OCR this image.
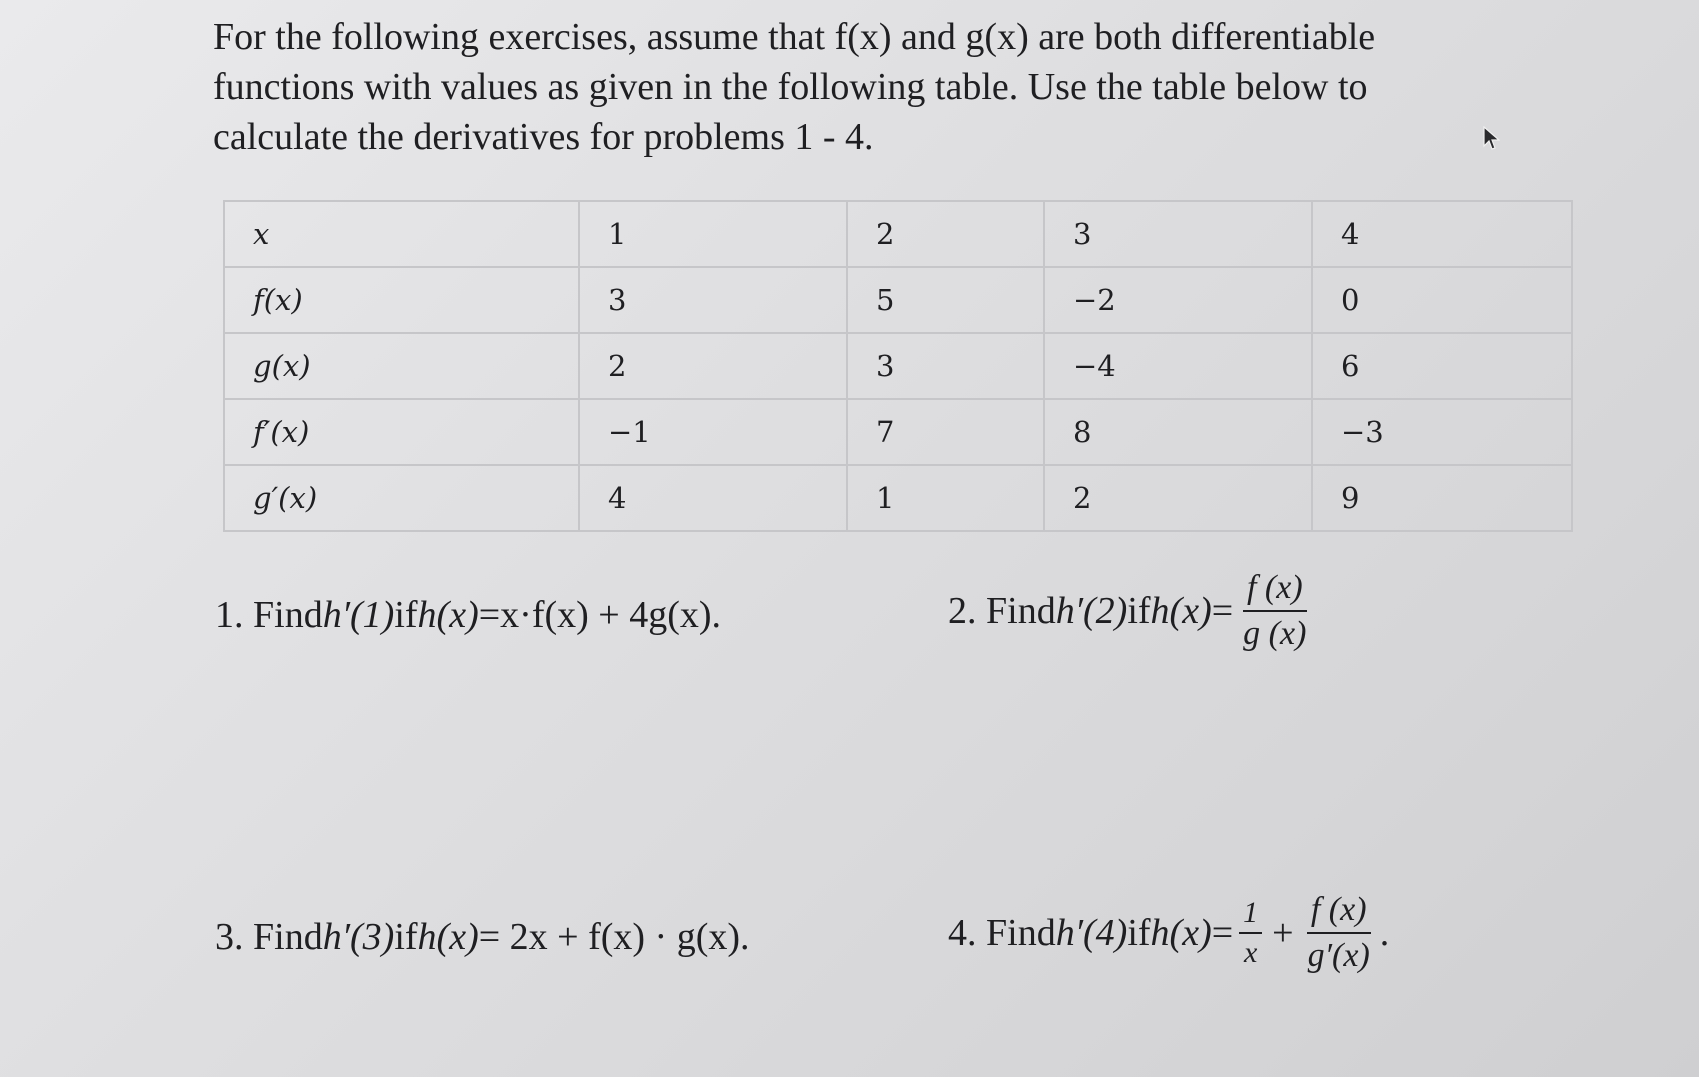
For the following exercises, assume that f(x) and g(x) are both differentiable functions with values as given in the following table. Use the table below to calculate the derivatives for problems 1 - 4.

x	1	2	3	4
f(x)	3	5	−2	0
g(x)	2	3	−4	6
f′(x)	−1	7	8	−3
g′(x)	4	1	2	9
1. Find h′(1) if h(x) =x·f(x) + 4g(x).	2. Find h′(2) if $h(x) = \frac{f (x)}{g (x)}$
3. Find h′(3) if h(x) = 2x + f(x) · g(x).	4. Find h′(4) if $h(x) = \frac{1}{x} + \frac{f (x)}{g'(x)}$ .
